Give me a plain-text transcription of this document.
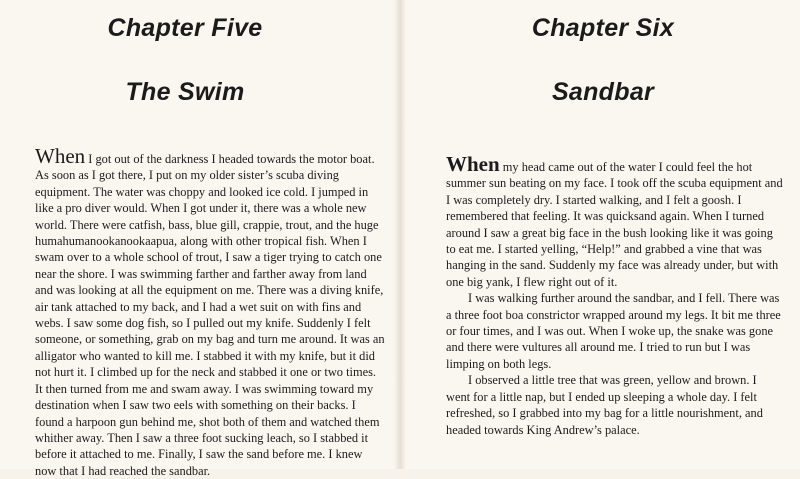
Chapter Five
The Swim

When I got out of the darkness I headed towards the motor boat. As soon as I got there, I put on my older sister’s scuba diving equipment. The water was choppy and looked ice cold. I jumped in like a pro diver would. When I got under it, there was a whole new world. There were catfish, bass, blue gill, crappie, trout, and the huge humahumanookanookaapua, along with other tropical fish. When I swam over to a whole school of trout, I saw a tiger trying to catch one near the shore. I was swimming farther and farther away from land and was looking at all the equipment on me. There was a diving knife, air tank attached to my back, and I had a wet suit on with fins and webs. I saw some dog fish, so I pulled out my knife. Suddenly I felt someone, or something, grab on my bag and turn me around. It was an alligator who wanted to kill me. I stabbed it with my knife, but it did not hurt it. I climbed up for the neck and stabbed it one or two times. It then turned from me and swam away. I was swimming toward my destination when I saw two eels with something on their backs. I found a harpoon gun behind me, shot both of them and watched them whither away. Then I saw a three foot sucking leach, so I stabbed it before it attached to me. Finally, I saw the sand before me. I knew now that I had reached the sandbar.

Chapter Six
Sandbar

When my head came out of the water I could feel the hot summer sun beating on my face. I took off the scuba equipment and I was completely dry. I started walking, and I felt a goosh. I remembered that feeling. It was quicksand again. When I turned around I saw a great big face in the bush looking like it was going to eat me. I started yelling, “Help!” and grabbed a vine that was hanging in the sand. Suddenly my face was already under, but with one big yank, I flew right out of it.

I was walking further around the sandbar, and I fell. There was a three foot boa constrictor wrapped around my legs. It bit me three or four times, and I was out. When I woke up, the snake was gone and there were vultures all around me. I tried to run but I was limping on both legs.

I observed a little tree that was green, yellow and brown. I went for a little nap, but I ended up sleeping a whole day. I felt refreshed, so I grabbed into my bag for a little nourishment, and headed towards King Andrew’s palace.
